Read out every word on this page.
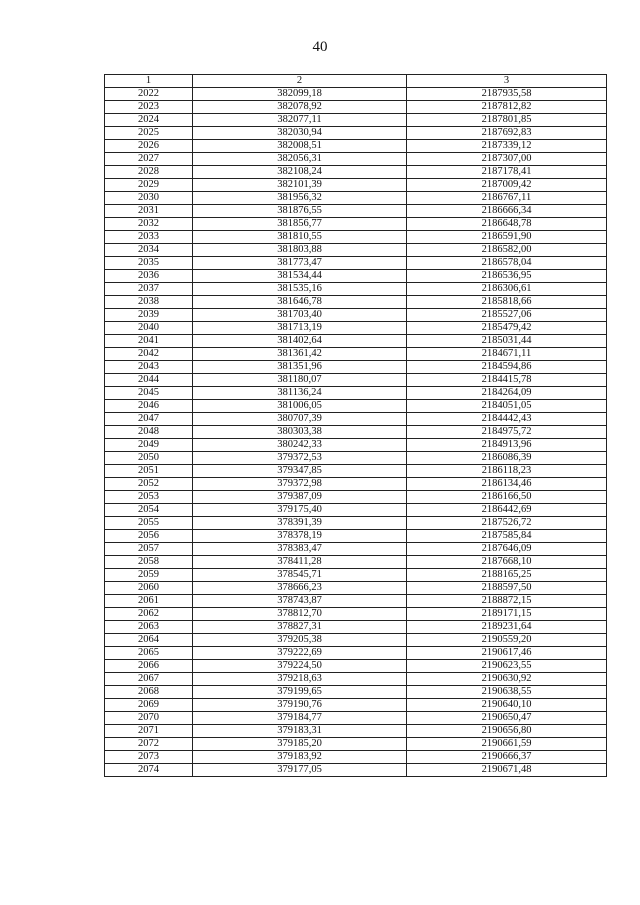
40
1	2	3
2022	382099,18	2187935,58
2023	382078,92	2187812,82
2024	382077,11	2187801,85
2025	382030,94	2187692,83
2026	382008,51	2187339,12
2027	382056,31	2187307,00
2028	382108,24	2187178,41
2029	382101,39	2187009,42
2030	381956,32	2186767,11
2031	381876,55	2186666,34
2032	381856,77	2186648,78
2033	381810,55	2186591,90
2034	381803,88	2186582,00
2035	381773,47	2186578,04
2036	381534,44	2186536,95
2037	381535,16	2186306,61
2038	381646,78	2185818,66
2039	381703,40	2185527,06
2040	381713,19	2185479,42
2041	381402,64	2185031,44
2042	381361,42	2184671,11
2043	381351,96	2184594,86
2044	381180,07	2184415,78
2045	381136,24	2184264,09
2046	381006,05	2184051,05
2047	380707,39	2184442,43
2048	380303,38	2184975,72
2049	380242,33	2184913,96
2050	379372,53	2186086,39
2051	379347,85	2186118,23
2052	379372,98	2186134,46
2053	379387,09	2186166,50
2054	379175,40	2186442,69
2055	378391,39	2187526,72
2056	378378,19	2187585,84
2057	378383,47	2187646,09
2058	378411,28	2187668,10
2059	378545,71	2188165,25
2060	378666,23	2188597,50
2061	378743,87	2188872,15
2062	378812,70	2189171,15
2063	378827,31	2189231,64
2064	379205,38	2190559,20
2065	379222,69	2190617,46
2066	379224,50	2190623,55
2067	379218,63	2190630,92
2068	379199,65	2190638,55
2069	379190,76	2190640,10
2070	379184,77	2190650,47
2071	379183,31	2190656,80
2072	379185,20	2190661,59
2073	379183,92	2190666,37
2074	379177,05	2190671,48
